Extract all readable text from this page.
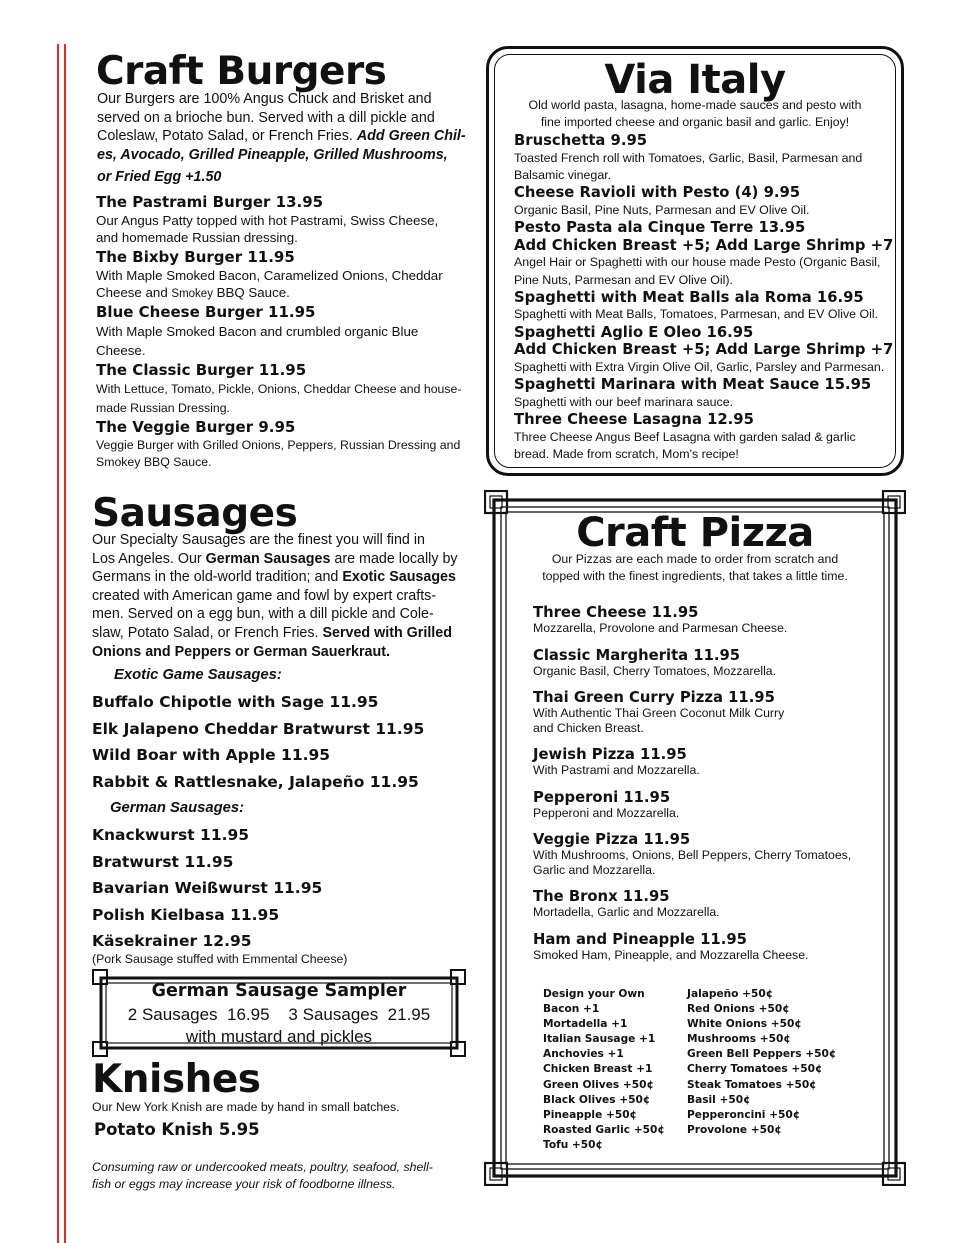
Craft Burgers
Our Burgers are 100% Angus Chuck and Brisket and
served on a brioche bun. Served with a dill pickle and
Coleslaw, Potato Salad, or French Fries. Add Green Chil-
es, Avocado, Grilled Pineapple, Grilled Mushrooms,
or Fried Egg +1.50
The Pastrami Burger 13.95
Our Angus Patty topped with hot Pastrami, Swiss Cheese,
and homemade Russian dressing.
The Bixby Burger 11.95
With Maple Smoked Bacon, Caramelized Onions, Cheddar
Cheese and Smokey BBQ Sauce.
Blue Cheese Burger 11.95
With Maple Smoked Bacon and crumbled organic Blue
Cheese.
The Classic Burger 11.95
With Lettuce, Tomato, Pickle, Onions, Cheddar Cheese and house-
made Russian Dressing.
The Veggie Burger 9.95
Veggie Burger with Grilled Onions, Peppers, Russian Dressing and
Smokey BBQ Sauce.
Via Italy
Old world pasta, lasagna, home-made sauces and pesto with
fine imported cheese and organic basil and garlic. Enjoy!
Bruschetta 9.95
Toasted French roll with Tomatoes, Garlic, Basil, Parmesan and
Balsamic vinegar.
Cheese Ravioli with Pesto (4) 9.95
Organic Basil, Pine Nuts, Parmesan and EV Olive Oil.
Pesto Pasta ala Cinque Terre 13.95
Add Chicken Breast +5; Add Large Shrimp +7
Angel Hair or Spaghetti with our house made Pesto (Organic Basil,
Pine Nuts, Parmesan and EV Olive Oil).
Spaghetti with Meat Balls ala Roma 16.95
Spaghetti with Meat Balls, Tomatoes, Parmesan, and EV Olive Oil.
Spaghetti Aglio E Oleo 16.95
Add Chicken Breast +5; Add Large Shrimp +7
Spaghetti with Extra Virgin Olive Oil, Garlic, Parsley and Parmesan.
Spaghetti Marinara with Meat Sauce 15.95
Spaghetti with our beef marinara sauce.
Three Cheese Lasagna 12.95
Three Cheese Angus Beef Lasagna with garden salad & garlic
bread. Made from scratch, Mom's recipe!
Sausages
Our Specialty Sausages are the finest you will find in
Los Angeles. Our German Sausages are made locally by
Germans in the old-world tradition; and Exotic Sausages
created with American game and fowl by expert crafts-
men. Served on a egg bun, with a dill pickle and Cole-
slaw, Potato Salad, or French Fries. Served with Grilled
Onions and Peppers or German Sauerkraut.
Exotic Game Sausages:
Buffalo Chipotle with Sage 11.95
Elk Jalapeno Cheddar Bratwurst 11.95
Wild Boar with Apple 11.95
Rabbit & Rattlesnake, Jalapeño 11.95
German Sausages:
Knackwurst 11.95
Bratwurst 11.95
Bavarian Weißwurst 11.95
Polish Kielbasa 11.95
Käsekrainer 12.95
(Pork Sausage stuffed with Emmental Cheese)
German Sausage Sampler
2 Sausages  16.95    3 Sausages  21.95
with mustard and pickles
Knishes
Our New York Knish are made by hand in small batches.
Potato Knish 5.95
Consuming raw or undercooked meats, poultry, seafood, shell-
fish or eggs may increase your risk of foodborne illness.
Craft Pizza
Our Pizzas are each made to order from scratch and
topped with the finest ingredients, that takes a little time.
Three Cheese 11.95
Mozzarella, Provolone and Parmesan Cheese.
Classic Margherita 11.95
Organic Basil, Cherry Tomatoes, Mozzarella.
Thai Green Curry Pizza 11.95
With Authentic Thai Green Coconut Milk Curry
and Chicken Breast.
Jewish Pizza 11.95
With Pastrami and Mozzarella.
Pepperoni 11.95
Pepperoni and Mozzarella.
Veggie Pizza 11.95
With Mushrooms, Onions, Bell Peppers, Cherry Tomatoes,
Garlic and Mozzarella.
The Bronx 11.95
Mortadella, Garlic and Mozzarella.
Ham and Pineapple 11.95
Smoked Ham, Pineapple, and Mozzarella Cheese.
Design your Own
Bacon +1
Mortadella +1
Italian Sausage +1
Anchovies +1
Chicken Breast +1
Green Olives +50¢
Black Olives +50¢
Pineapple +50¢
Roasted Garlic +50¢
Tofu +50¢
Jalapeño +50¢
Red Onions +50¢
White Onions +50¢
Mushrooms +50¢
Green Bell Peppers +50¢
Cherry Tomatoes +50¢
Steak Tomatoes +50¢
Basil +50¢
Pepperoncini +50¢
Provolone +50¢
